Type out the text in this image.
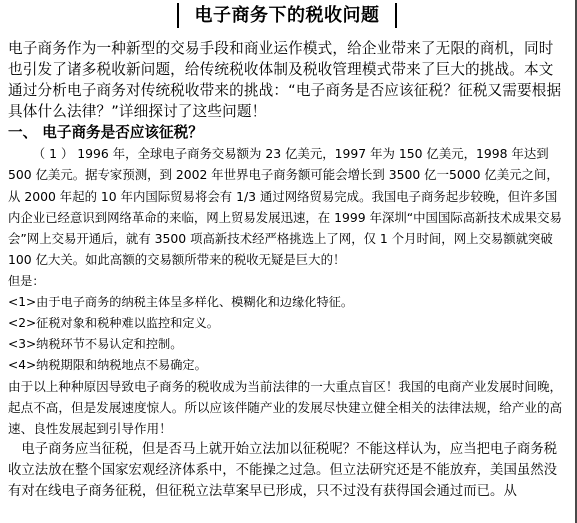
电子商务下的税收问题

电子商务作为一种新型的交易手段和商业运作模式，给企业带来了无限的商机，同时也引发了诸多税收新问题，给传统税收体制及税收管理模式带来了巨大的挑战。本文通过分析电子商务对传统税收带来的挑战：“电子商务是否应该征税？征税又需要根据具体什么法律？”详细探讨了这些问题！

一、 电子商务是否应该征税？

（ 1 ） 1996 年，全球电子商务交易额为 23 亿美元，1997 年为 150 亿美元，1998 年达到 500 亿美元。据专家预测，到 2002 年世界电子商务额可能会增长到 3500 亿一5000 亿美元之间，从 2000 年起的 10 年内国际贸易将会有 1/3 通过网络贸易完成。我国电子商务起步较晚，但许多国内企业已经意识到网络革命的来临，网上贸易发展迅速，在 1999 年深圳“中国国际高新技术成果交易会”网上交易开通后，就有 3500 项高新技术经严格挑选上了网，仅 1 个月时间，网上交易额就突破 100 亿大关。如此高额的交易额所带来的税收无疑是巨大的！

但是：

<1>由于电子商务的纳税主体呈多样化、模糊化和边缘化特征。

<2>征税对象和税种难以监控和定义。

<3>纳税环节不易认定和控制。

<4>纳税期限和纳税地点不易确定。

由于以上种种原因导致电子商务的税收成为当前法律的一大重点盲区！我国的电商产业发展时间晚，起点不高，但是发展速度惊人。所以应该伴随产业的发展尽快建立健全相关的法律法规，给产业的高速、良性发展起到引导作用！

电子商务应当征税，但是否马上就开始立法加以征税呢？不能这样认为，应当把电子商务税收立法放在整个国家宏观经济体系中，不能操之过急。但立法研究还是不能放弃，美国虽然没有对在线电子商务征税，但征税立法草案早已形成，只不过没有获得国会通过而已。从
